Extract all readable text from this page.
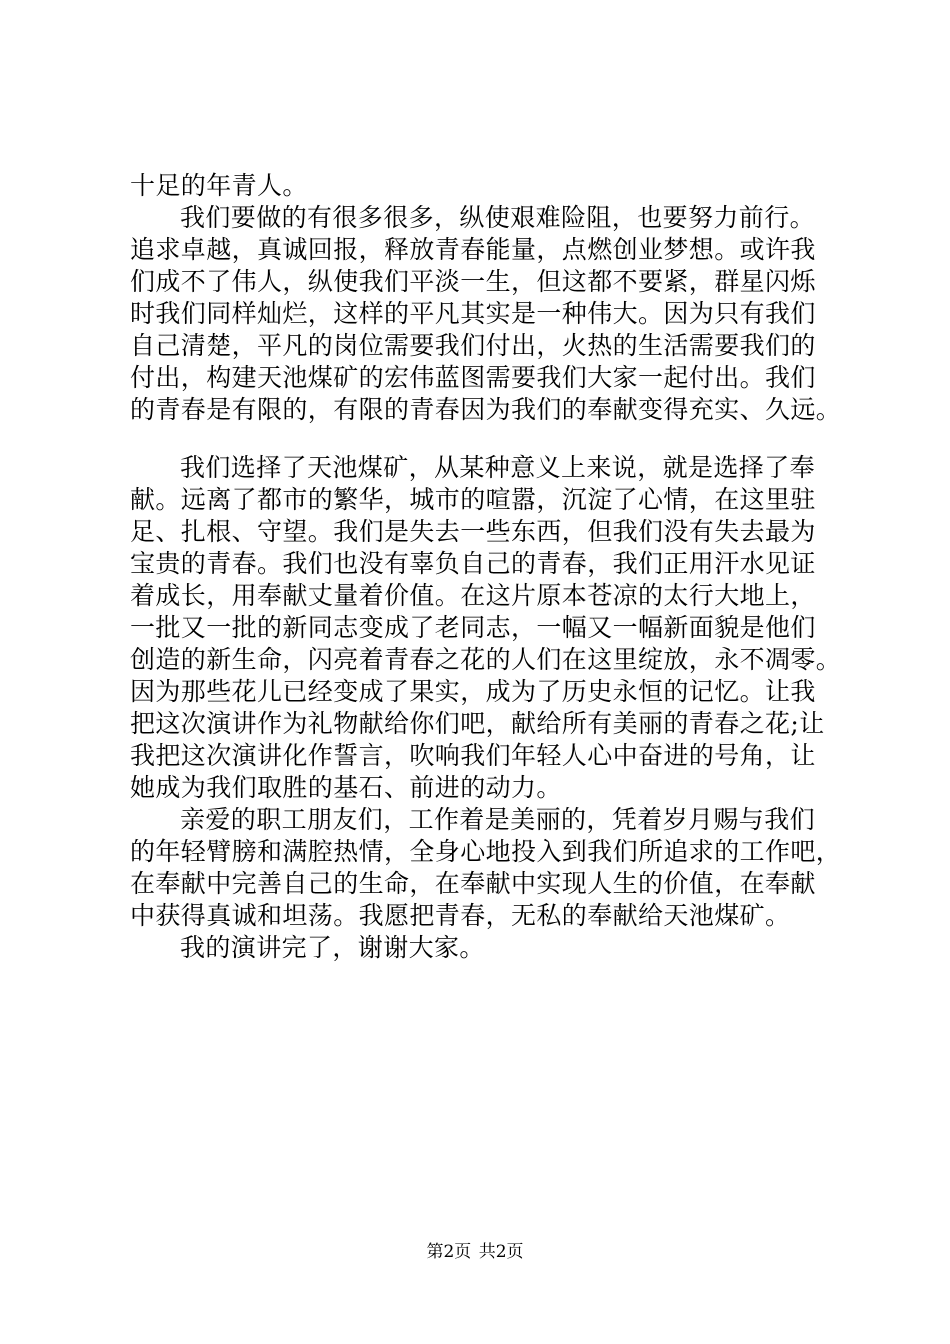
十足的年青人。
我们要做的有很多很多，纵使艰难险阻，也要努力前行。
追求卓越，真诚回报，释放青春能量，点燃创业梦想。或许我
们成不了伟人，纵使我们平淡一生，但这都不要紧，群星闪烁
时我们同样灿烂，这样的平凡其实是一种伟大。因为只有我们
自己清楚，平凡的岗位需要我们付出，火热的生活需要我们的
付出，构建天池煤矿的宏伟蓝图需要我们大家一起付出。我们
的青春是有限的，有限的青春因为我们的奉献变得充实、久远。
我们选择了天池煤矿，从某种意义上来说，就是选择了奉
献。远离了都市的繁华，城市的喧嚣，沉淀了心情，在这里驻
足、扎根、守望。我们是失去一些东西，但我们没有失去最为
宝贵的青春。我们也没有辜负自己的青春，我们正用汗水见证
着成长，用奉献丈量着价值。在这片原本苍凉的太行大地上，
一批又一批的新同志变成了老同志，一幅又一幅新面貌是他们
创造的新生命，闪亮着青春之花的人们在这里绽放，永不凋零。
因为那些花儿已经变成了果实，成为了历史永恒的记忆。让我
把这次演讲作为礼物献给你们吧，献给所有美丽的青春之花;让
我把这次演讲化作誓言，吹响我们年轻人心中奋进的号角，让
她成为我们取胜的基石、前进的动力。
亲爱的职工朋友们，工作着是美丽的，凭着岁月赐与我们
的年轻臂膀和满腔热情，全身心地投入到我们所追求的工作吧，
在奉献中完善自己的生命，在奉献中实现人生的价值，在奉献
中获得真诚和坦荡。我愿把青春，无私的奉献给天池煤矿。
我的演讲完了，谢谢大家。
第2页 共2页
